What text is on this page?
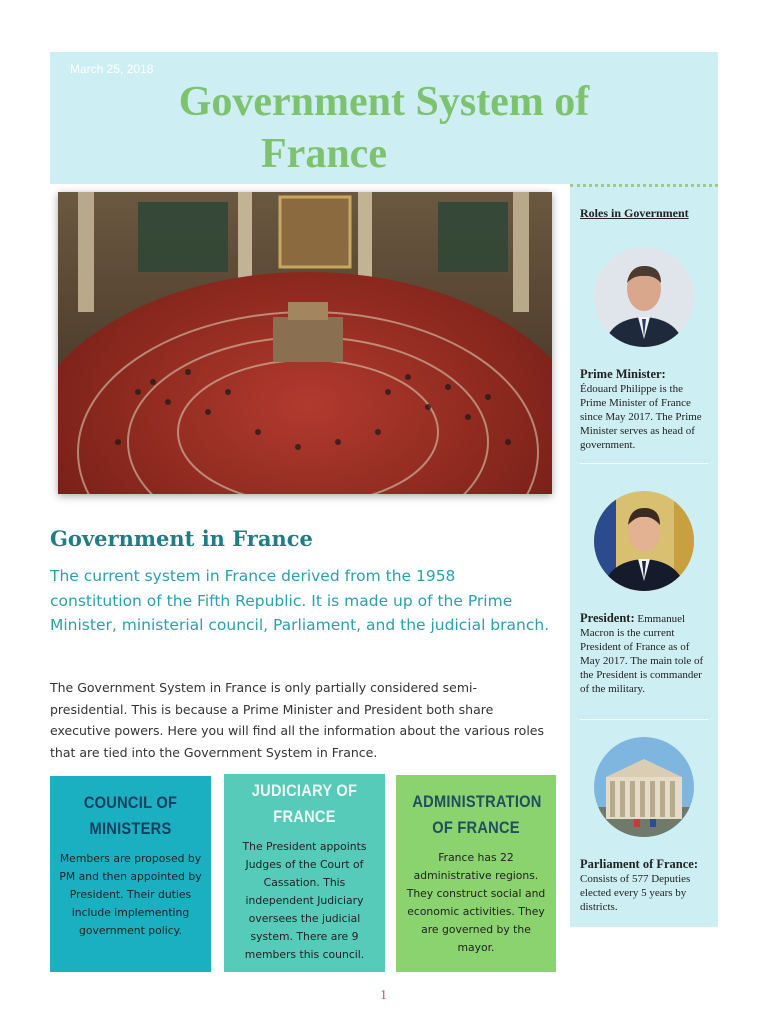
March 25, 2018
Government System of
France
Government in France

The current system in France derived from the 1958 constitution of the Fifth Republic. It is made up of the Prime Minister, ministerial council, Parliament, and the judicial branch.

The Government System in France is only partially considered semi-presidential. This is because a Prime Minister and President both share executive powers. Here you will find all the information about the various roles that are tied into the Government System in France.

COUNCIL OF MINISTERS

Members are proposed by PM and then appointed by President. Their duties include implementing government policy.

JUDICIARY OF FRANCE

The President appoints Judges of the Court of Cassation. This independent Judiciary oversees the judicial system. There are 9 members this council.

ADMINISTRATION OF FRANCE

France has 22 administrative regions. They construct social and economic activities. They are governed by the mayor.

Roles in Government

Prime Minister:
Édouard Philippe is the Prime Minister of France since May 2017. The Prime Minister serves as head of government.

President: Emmanuel Macron is the current President of France as of May 2017. The main tole of the President is commander of the military.

Parliament of France: Consists of 577 Deputies elected every 5 years by districts.

1
